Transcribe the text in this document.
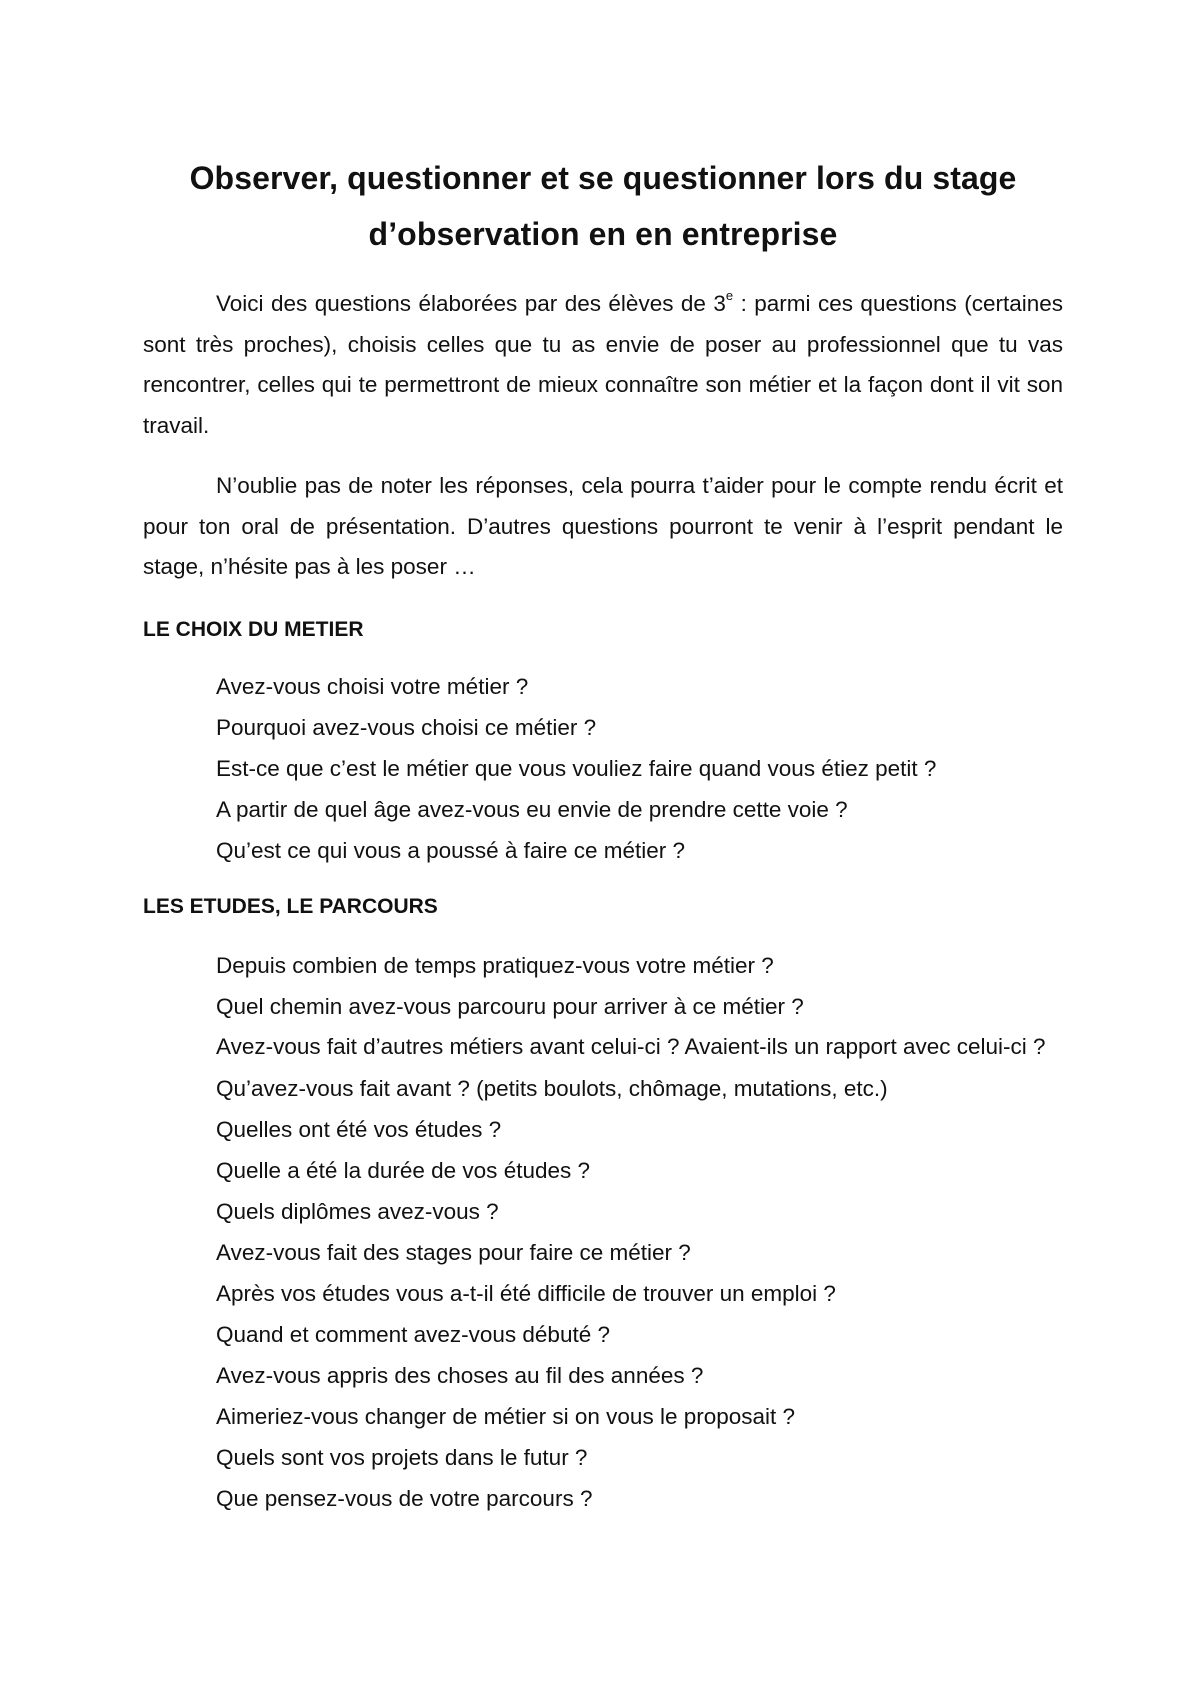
Observer, questionner et se questionner lors du stage
d’observation en en entreprise

Voici des questions élaborées par des élèves de 3e : parmi ces questions (certaines sont très proches), choisis celles que tu as envie de poser au professionnel que tu vas rencontrer, celles qui te permettront de mieux connaître son métier et la façon dont il vit son travail.

N’oublie pas de noter les réponses, cela pourra t’aider pour le compte rendu écrit et pour ton oral de présentation. D’autres questions pourront te venir à l’esprit pendant le stage, n’hésite pas à les poser …

LE CHOIX DU METIER
Avez-vous choisi votre métier ?
Pourquoi avez-vous choisi ce métier ?
Est-ce que c’est le métier que vous vouliez faire quand vous étiez petit ?
A partir de quel âge avez-vous eu envie de prendre cette voie ?
Qu’est ce qui vous a poussé à faire ce métier ?
LES ETUDES, LE PARCOURS
Depuis combien de temps pratiquez-vous votre métier ?
Quel chemin avez-vous parcouru pour arriver à ce métier ?
Avez-vous fait d’autres métiers avant celui-ci ? Avaient-ils un rapport avec celui-ci ?
Qu’avez-vous fait avant ? (petits boulots, chômage, mutations, etc.)
Quelles ont été vos études ?
Quelle a été la durée de vos études ?
Quels diplômes avez-vous ?
Avez-vous fait des stages pour faire ce métier ?
Après vos études vous a-t-il été difficile de trouver un emploi ?
Quand et comment avez-vous débuté ?
Avez-vous appris des choses au fil des années ?
Aimeriez-vous changer de métier si on vous le proposait ?
Quels sont vos projets dans le futur ?
Que pensez-vous de votre parcours ?
